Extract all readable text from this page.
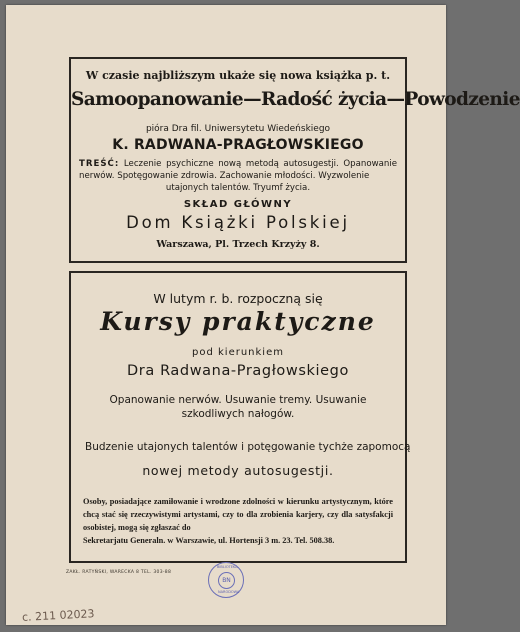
W czasie najbliższym ukaże się nowa książka p. t.

Samoopanowanie—Radość życia—Powodzenie

pióra Dra fil. Uniwersytetu Wiedeńskiego

K. RADWANA-PRAGŁOWSKIEGO

TREŚĆ: Leczenie psychiczne nową metodą autosugestji. Opanowanie nerwów. Spotęgowanie zdrowia. Zachowanie młodości. Wyzwolenie
utajonych talentów. Tryumf życia.

SKŁAD GŁÓWNY

Dom Książki Polskiej

Warszawa, Pl. Trzech Krzyży 8.

W lutym r. b. rozpoczną się

Kursy praktyczne

pod kierunkiem

Dra Radwana-Pragłowskiego

Opanowanie nerwów. Usuwanie tremy. Usuwanie szkodliwych nałogów.

Budzenie utajonych talentów i potęgowanie tychże zapomocą

nowej metody autosugestji.

Osoby, posiadające zamiłowanie i wrodzone zdolności w kierunku artystycznym, które chcą stać się rzeczywistymi artystami, czy to dla zrobienia karjery, czy dla satysfakcji osobistej, mogą się zgłaszać do
Sekretarjatu Generaln. w Warszawie, ul. Hortensji 3 m. 23. Tel. 508.38.

ZAKŁ. RATYŃSKI, WARECKA 8 TEL. 303-88
BIBLIOTEKA
BN
NARODOWA
c. 211 02023
